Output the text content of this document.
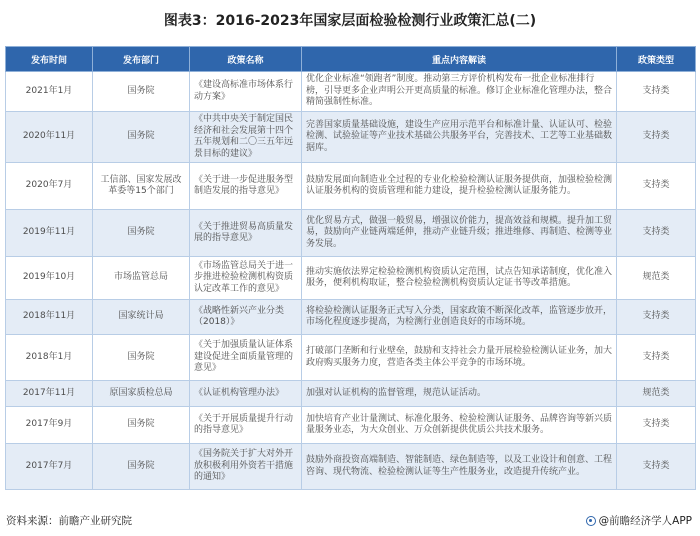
图表3：2016-2023年国家层面检验检测行业政策汇总(二)
发布时间	发布部门	政策名称	重点内容解读	政策类型
2021年1月	国务院	《建设高标准市场体系行动方案》	优化企业标准“领跑者”制度。推动第三方评价机构发布一批企业标准排行榜，引导更多企业声明公开更高质量的标准。修订企业标准化管理办法，整合精简强制性标准。	支持类
2020年11月	国务院	《中共中央关于制定国民经济和社会发展第十四个五年规划和二〇三五年远景目标的建议》	完善国家质量基础设施，建设生产应用示范平台和标准计量、认证认可、检验检测、试验验证等产业技术基础公共服务平台，完善技术、工艺等工业基础数据库。	支持类
2020年7月	工信部、国家发展改革委等15个部门	《关于进一步促进服务型制造发展的指导意见》	鼓励发展面向制造业全过程的专业化检验检测认证服务提供商，加强检验检测认证服务机构的资质管理和能力建设，提升检验检测认证服务能力。	支持类
2019年11月	国务院	《关于推进贸易高质量发展的指导意见》	优化贸易方式，做强一般贸易，增强议价能力，提高效益和规模。提升加工贸易，鼓励向产业链两端延伸，推动产业链升级；推进维修、再制造、检测等业务发展。	支持类
2019年10月	市场监管总局	《市场监管总局关于进一步推进检验检测机构资质认定改革工作的意见》	推动实施依法界定检验检测机构资质认定范围，试点告知承诺制度，优化准入服务，便利机构取证，整合检验检测机构资质认定证书等改革措施。	规范类
2018年11月	国家统计局	《战略性新兴产业分类（2018）》	将检验检测认证服务正式写入分类，国家政策不断深化改革，监管逐步放开，市场化程度逐步提高，为检测行业创造良好的市场环境。	支持类
2018年1月	国务院	《关于加强质量认证体系建设促进全面质量管理的意见》	打破部门垄断和行业壁垒，鼓励和支持社会力量开展检验检测认证业务，加大政府购买服务力度，营造各类主体公平竞争的市场环境。	支持类
2017年11月	原国家质检总局	《认证机构管理办法》	加强对认证机构的监督管理，规范认证活动。	规范类
2017年9月	国务院	《关于开展质量提升行动的指导意见》	加快培育产业计量测试、标准化服务、检验检测认证服务、品牌咨询等新兴质量服务业态，为大众创业、万众创新提供优质公共技术服务。	支持类
2017年7月	国务院	《国务院关于扩大对外开放积极利用外资若干措施的通知》	鼓励外商投资高端制造、智能制造、绿色制造等，以及工业设计和创意、工程咨询、现代物流、检验检测认证等生产性服务业，改造提升传统产业。	支持类
资料来源：前瞻产业研究院	@前瞻经济学人APP
